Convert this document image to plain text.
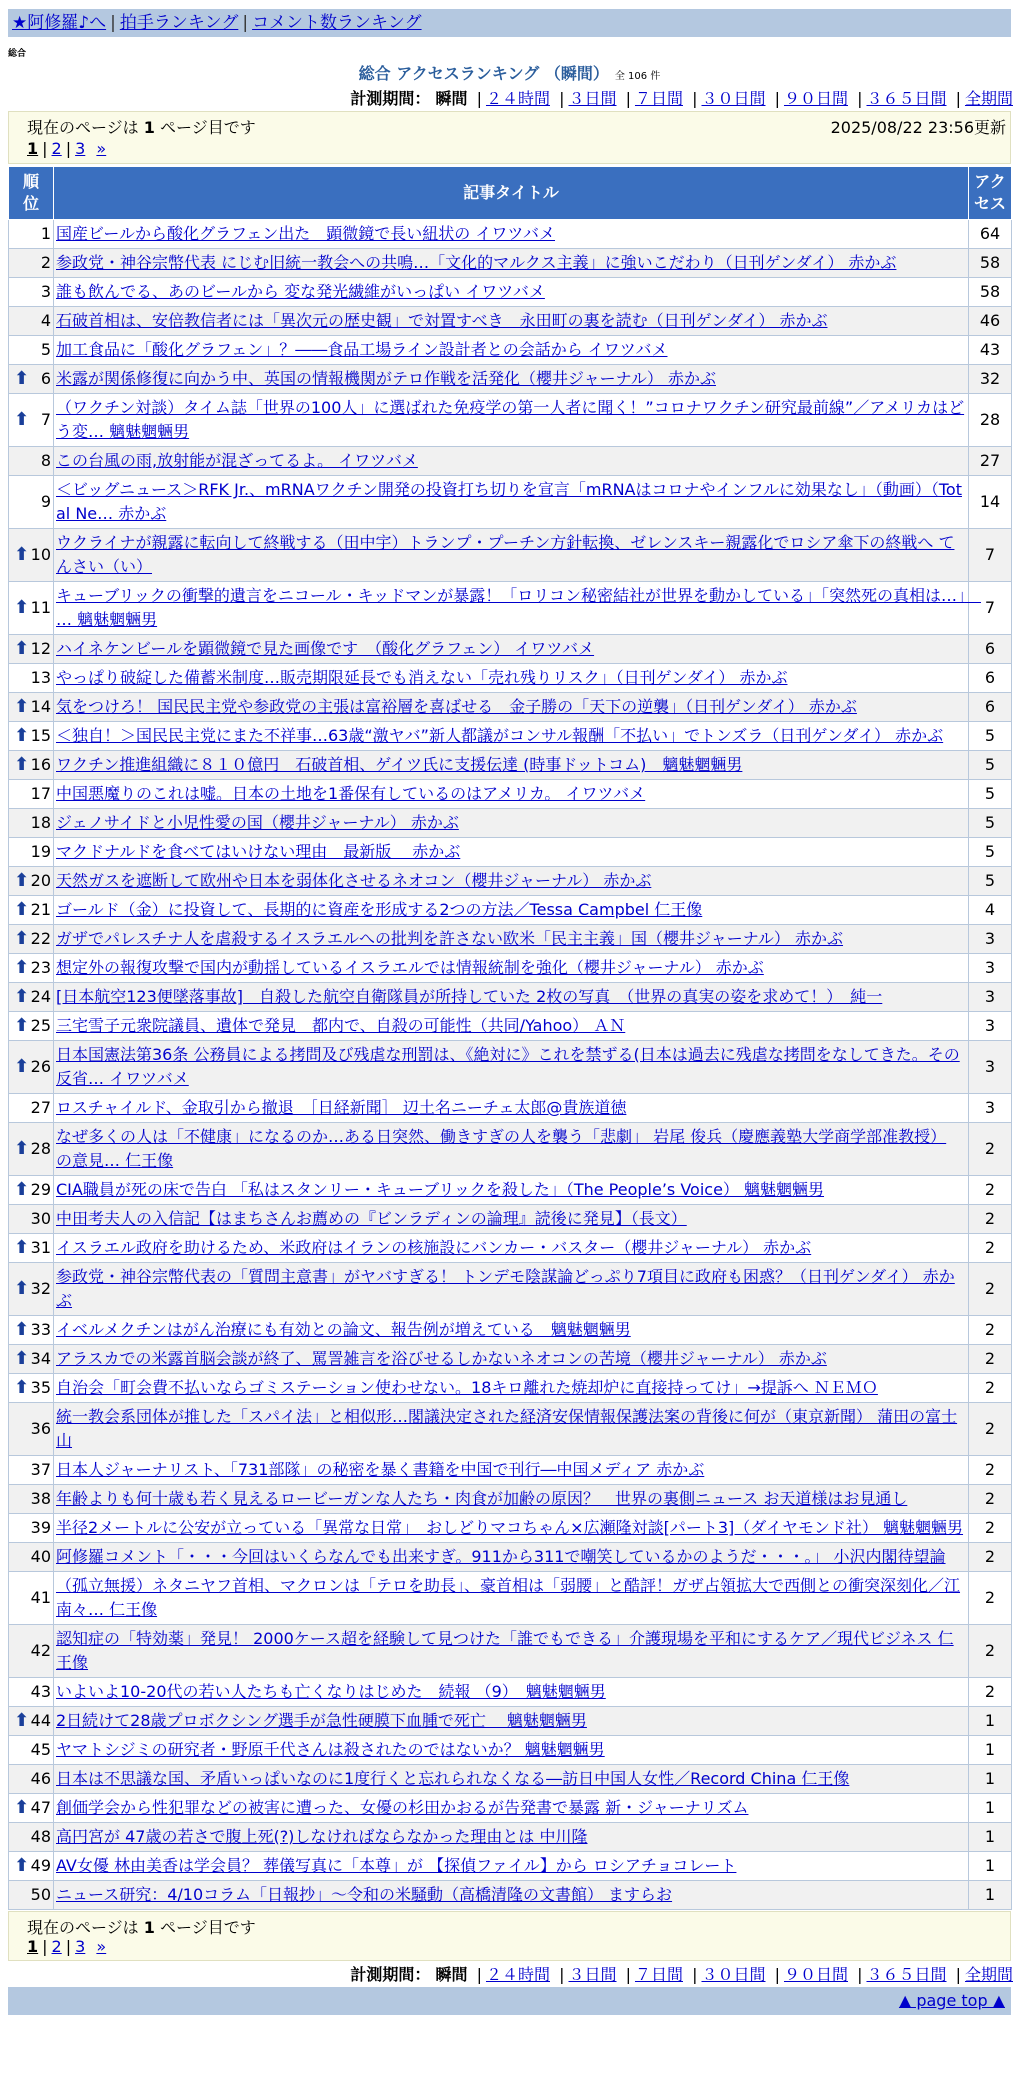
★阿修羅♪へ | 拍手ランキング | コメント数ランキング
総合
総合 アクセスランキング （瞬間） 全 106 件
計測期間： 瞬間 | ２４時間 | ３日間 | ７日間 | ３０日間 | ９０日間 | ３６５日間 | 全期間
現在のページは 1 ページ目です	2025/08/22 23:56更新
1 | 2 | 3 »
順位	記事タイトル	アクセス
1	国産ビールから酸化グラフェン出た　顕微鏡で長い紐状の イワツバメ	64
2	参政党・神谷宗幣代表 にじむ旧統一教会への共鳴…「文化的マルクス主義」に強いこだわり（日刊ゲンダイ） 赤かぶ	58
3	誰も飲んでる、あのビールから 変な発光繊維がいっぱい イワツバメ	58
4	石破首相は、安倍教信者には「異次元の歴史観」で対置すべき　永田町の裏を読む（日刊ゲンダイ） 赤かぶ	46
5	加工食品に「酸化グラフェン」？――食品工場ライン設計者との会話から イワツバメ	43

⬆ 6	米露が関係修復に向かう中、英国の情報機関がテロ作戦を活発化（櫻井ジャーナル） 赤かぶ	32

⬆ 7	（ワクチン対談）タイム誌「世界の100人」に選ばれた免疫学の第一人者に聞く！”コロナワクチン研究最前線”／アメリカはどう変… 魑魅魍魎男	28
8	この台風の雨,放射能が混ざってるよ。 イワツバメ	27
9	＜ビッグニュース＞RFK Jr.、mRNAワクチン開発の投資打ち切りを宣言「mRNAはコロナやインフルに効果なし」（動画）（Total Ne… 赤かぶ	14

⬆ 10	ウクライナが親露に転向して終戦する（田中宇）トランプ・プーチン方針転換、ゼレンスキー親露化でロシア傘下の終戦へ てんさい（い）	7

⬆ 11	キューブリックの衝撃的遺言をニコール・キッドマンが暴露！「ロリコン秘密結社が世界を動かしている」「突然死の真相は…」　… 魑魅魍魎男	7

⬆ 12	ハイネケンビールを顕微鏡で見た画像です　（酸化グラフェン） イワツバメ	6
13	やっぱり破綻した備蓄米制度…販売期限延長でも消えない「売れ残りリスク」（日刊ゲンダイ） 赤かぶ	6

⬆ 14	気をつけろ！ 国民民主党や参政党の主張は富裕層を喜ばせる　金子勝の「天下の逆襲」（日刊ゲンダイ） 赤かぶ	6

⬆ 15	＜独自！＞国民民主党にまた不祥事…63歳“激ヤバ”新人都議がコンサル報酬「不払い」でトンズラ（日刊ゲンダイ） 赤かぶ	5

⬆ 16	ワクチン推進組織に８１０億円　石破首相、ゲイツ氏に支援伝達 (時事ドットコム)　魑魅魍魎男	5
17	中国悪魔りのこれは嘘。日本の土地を1番保有しているのはアメリカ。 イワツバメ	5
18	ジェノサイドと小児性愛の国（櫻井ジャーナル） 赤かぶ	5
19	マクドナルドを食べてはいけない理由　最新版　 赤かぶ	5

⬆ 20	天然ガスを遮断して欧州や日本を弱体化させるネオコン（櫻井ジャーナル） 赤かぶ	5

⬆ 21	ゴールド（金）に投資して、長期的に資産を形成する2つの方法／Tessa Campbel 仁王像	4

⬆ 22	ガザでパレスチナ人を虐殺するイスラエルへの批判を許さない欧米「民主主義」国（櫻井ジャーナル） 赤かぶ	3

⬆ 23	想定外の報復攻撃で国内が動揺しているイスラエルでは情報統制を強化（櫻井ジャーナル） 赤かぶ	3

⬆ 24	[日本航空123便墜落事故]　自殺した航空自衛隊員が所持していた 2枚の写真　（世界の真実の姿を求めて！）　純一	3

⬆ 25	三宅雪子元衆院議員、遺体で発見　都内で、自殺の可能性（共同/Yahoo） ＡＮ	3

⬆ 26	日本国憲法第36条 公務員による拷問及び残虐な刑罰は、《絶対に》これを禁ずる(日本は過去に残虐な拷問をなしてきた。その反省… イワツバメ	3
27	ロスチャイルド、金取引から撤退　［日経新聞］ 辺土名ニーチェ太郎@貴族道徳	3

⬆ 28	なぜ多くの人は「不健康」になるのか…ある日突然、働きすぎの人を襲う「悲劇」 岩尾 俊兵（慶應義塾大学商学部准教授） の意見… 仁王像	2

⬆ 29	CIA職員が死の床で告白 「私はスタンリー・キューブリックを殺した」（The People’s Voice） 魑魅魍魎男	2
30	中田考夫人の入信記【はまちさんお薦めの『ビンラディンの論理』読後に発見】（長文）	2

⬆ 31	イスラエル政府を助けるため、米政府はイランの核施設にバンカー・バスター（櫻井ジャーナル） 赤かぶ	2

⬆ 32	参政党・神谷宗幣代表の「質問主意書」がヤバすぎる！ トンデモ陰謀論どっぷり7項目に政府も困惑？（日刊ゲンダイ） 赤かぶ	2

⬆ 33	イベルメクチンはがん治療にも有効との論文、報告例が増えている　魑魅魍魎男	2

⬆ 34	アラスカでの米露首脳会談が終了、罵詈雑言を浴びせるしかないネオコンの苦境（櫻井ジャーナル） 赤かぶ	2

⬆ 35	自治会「町会費不払いならゴミステーション使わせない。18キロ離れた焼却炉に直接持ってけ」→提訴へ ＮＥＭＯ	2
36	統一教会系団体が推した「スパイ法」と相似形…閣議決定された経済安保情報保護法案の背後に何が（東京新聞） 蒲田の富士山	2
37	日本人ジャーナリスト、「731部隊」の秘密を暴く書籍を中国で刊行―中国メディア 赤かぶ	2
38	年齢よりも何十歳も若く見えるロービーガンな人たち・肉食が加齢の原因？　世界の裏側ニュース お天道様はお見通し	2
39	半径2メートルに公安が立っている「異常な日常」　おしどりマコちゃん×広瀬隆対談[パート3]（ダイヤモンド社） 魑魅魍魎男	2
40	阿修羅コメント「・・・今回はいくらなんでも出来すぎ。911から311で嘲笑しているかのようだ・・・。」 小沢内閣待望論	2
41	（孤立無援）ネタニヤフ首相、マクロンは「テロを助長」、豪首相は「弱腰」と酷評！ガザ占領拡大で西側との衝突深刻化／江南々… 仁王像	2
42	認知症の「特効薬」発見！ 2000ケース超を経験して見つけた「誰でもできる」介護現場を平和にするケア／現代ビジネス 仁王像	2
43	いよいよ10-20代の若い人たちも亡くなりはじめた　続報 （9）　魑魅魍魎男	2

⬆ 44	2日続けて28歳プロボクシング選手が急性硬膜下血腫で死亡　 魑魅魍魎男	1
45	ヤマトシジミの研究者・野原千代さんは殺されたのではないか？ 魑魅魍魎男	1
46	日本は不思議な国、矛盾いっぱいなのに1度行くと忘れられなくなる―訪日中国人女性／Record China 仁王像	1

⬆ 47	創価学会から性犯罪などの被害に遭った、女優の杉田かおるが告発書で暴露 新・ジャーナリズム	1
48	高円宮が 47歳の若さで腹上死(?)しなければならなかった理由とは 中川隆	1

⬆ 49	AV女優 林由美香は学会員？ 葬儀写真に「本尊」が 【探偵ファイル】から ロシアチョコレート	1
50	ニュース研究：4/10コラム「日報抄」～令和の米騒動（高橋清隆の文書館） ますらお	1
現在のページは 1 ページ目です
1 | 2 | 3 »
計測期間： 瞬間 | ２４時間 | ３日間 | ７日間 | ３０日間 | ９０日間 | ３６５日間 | 全期間
▲ page top ▲
